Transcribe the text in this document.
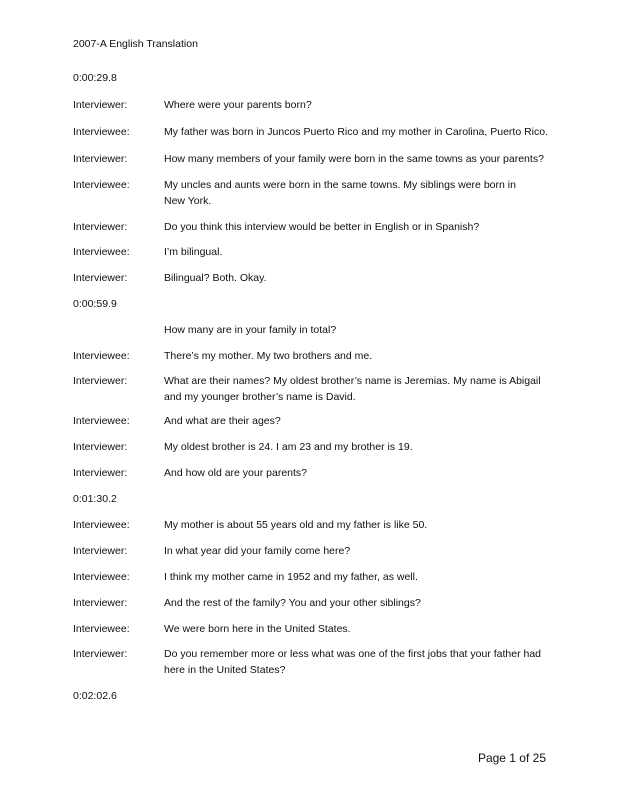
2007-A English Translation
0:00:29.8
Interviewer:	Where were your parents born?
Interviewee:	My father was born in Juncos Puerto Rico and my mother in Carolina, Puerto Rico.
Interviewer:	How many members of your family were born in the same towns as your parents?
Interviewee:	My uncles and aunts were born in the same towns. My siblings were born in New York.
Interviewer:	Do you think this interview would be better in English or in Spanish?
Interviewee:	I’m bilingual.
Interviewer:	Bilingual? Both. Okay.
0:00:59.9
How many are in your family in total?
Interviewee:	There’s my mother. My two brothers and me.
Interviewer:	What are their names? My oldest brother’s name is Jeremias. My name is Abigail and my younger brother’s name is David.
Interviewee:	And what are their ages?
Interviewer:	My oldest brother is 24. I am 23 and my brother is 19.
Interviewer:	And how old are your parents?
0:01:30.2
Interviewee:	My mother is about 55 years old and my father is like 50.
Interviewer:	In what year did your family come here?
Interviewee:	I think my mother came in 1952 and my father, as well.
Interviewer:	And the rest of the family? You and your other siblings?
Interviewee:	We were born here in the United States.
Interviewer:	Do you remember more or less what was one of the first jobs that your father had here in the United States?
0:02:02.6
Page 1 of 25
